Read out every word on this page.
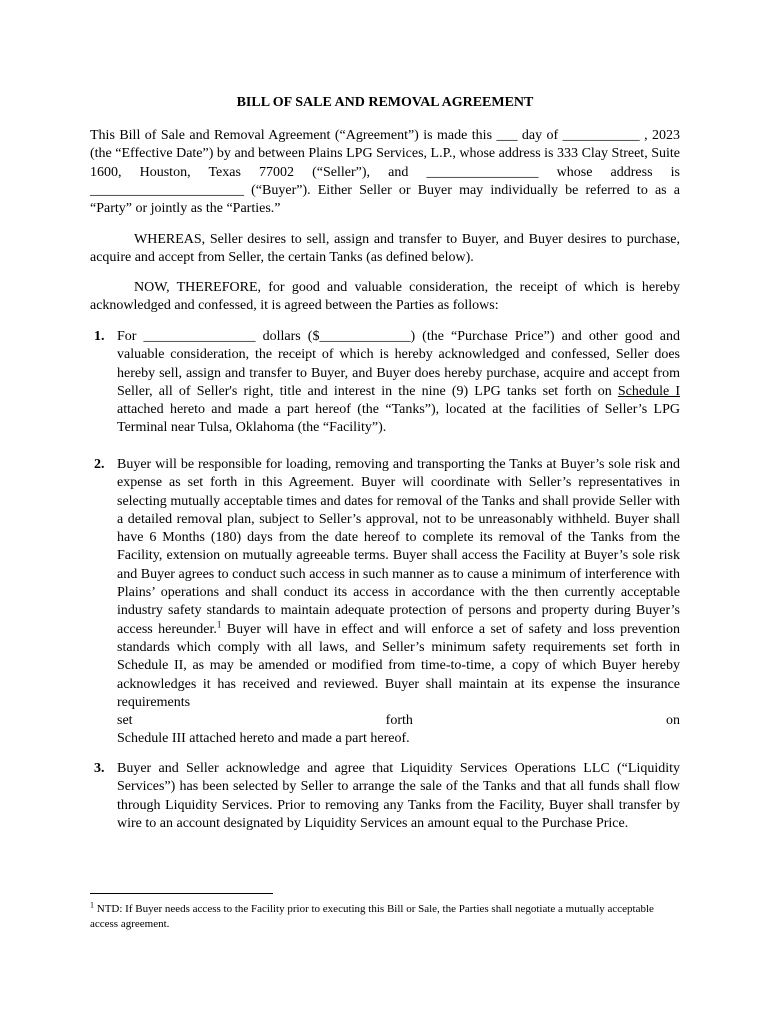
BILL OF SALE AND REMOVAL AGREEMENT

This Bill of Sale and Removal Agreement (“Agreement”) is made this ___ day of ___________ , 2023 (the “Effective Date”) by and between Plains LPG Services, L.P., whose address is 333 Clay Street, Suite 1600, Houston, Texas 77002 (“Seller”), and ________________ whose address is ______________________ (“Buyer”). Either Seller or Buyer may individually be referred to as a “Party” or jointly as the “Parties.”

WHEREAS, Seller desires to sell, assign and transfer to Buyer, and Buyer desires to purchase, acquire and accept from Seller, the certain Tanks (as defined below).

NOW, THEREFORE, for good and valuable consideration, the receipt of which is hereby acknowledged and confessed, it is agreed between the Parties as follows:

1. For ________________ dollars ($_____________) (the “Purchase Price”) and other good and valuable consideration, the receipt of which is hereby acknowledged and confessed, Seller does hereby sell, assign and transfer to Buyer, and Buyer does hereby purchase, acquire and accept from Seller, all of Seller's right, title and interest in the nine (9) LPG tanks set forth on Schedule I attached hereto and made a part hereof (the “Tanks”), located at the facilities of Seller’s LPG Terminal near Tulsa, Oklahoma (the “Facility”).
2. Buyer will be responsible for loading, removing and transporting the Tanks at Buyer’s sole risk and expense as set forth in this Agreement. Buyer will coordinate with Seller’s representatives in selecting mutually acceptable times and dates for removal of the Tanks and shall provide Seller with a detailed removal plan, subject to Seller’s approval, not to be unreasonably withheld. Buyer shall have 6 Months (180) days from the date hereof to complete its removal of the Tanks from the Facility, extension on mutually agreeable terms. Buyer shall access the Facility at Buyer’s sole risk and Buyer agrees to conduct such access in such manner as to cause a minimum of interference with Plains’ operations and shall conduct its access in accordance with the then currently acceptable industry safety standards to maintain adequate protection of persons and property during Buyer’s access hereunder.$^1$ Buyer will have in effect and will enforce a set of safety and loss prevention standards which comply with all laws, and Seller’s minimum safety requirements set forth in Schedule II, as may be amended or modified from time-to-time, a copy of which Buyer hereby acknowledges it has received and reviewed. Buyer shall maintain at its expense the insurance requirements
set	forth	on
Schedule III attached hereto and made a part hereof.
3. Buyer and Seller acknowledge and agree that Liquidity Services Operations LLC (“Liquidity Services”) has been selected by Seller to arrange the sale of the Tanks and that all funds shall flow through Liquidity Services. Prior to removing any Tanks from the Facility, Buyer shall transfer by wire to an account designated by Liquidity Services an amount equal to the Purchase Price.

$^1$ NTD: If Buyer needs access to the Facility prior to executing this Bill or Sale, the Parties shall negotiate a mutually acceptable access agreement.
